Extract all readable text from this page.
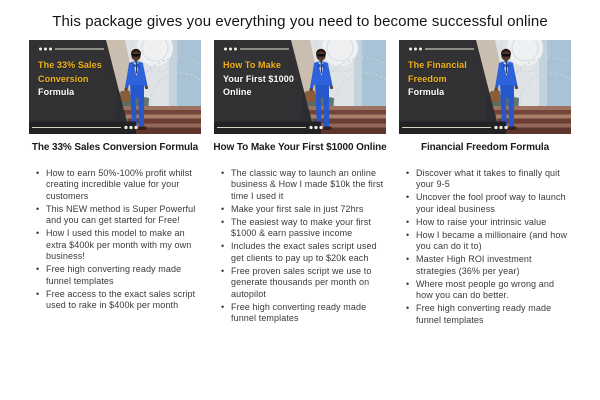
This package gives you everything you need to become successful online
The 33% Sales
Conversion
Formula
The 33% Sales Conversion Formula
• How to earn 50%-100% profit whilst creating incredible value for your customers
• This NEW method is Super Powerful and you can get started for Free!
• How I used this model to make an extra $400k per month with my own business!
• Free high converting ready made funnel templates
• Free access to the exact sales script used to rake in $400k per month
How To Make
Your First $1000
Online
How To Make Your First $1000 Online
• The classic way to launch an online business & How I made $10k the first time I used it
• Make your first sale in just 72hrs
• The easiest way to make your first $1000 & earn passive income
• Includes the exact sales script used get clients to pay up to $20k each
• Free proven sales script we use to generate thousands per month on autopilot
• Free high converting ready made funnel templates
The Financial
Freedom
Formula
Financial Freedom Formula
• Discover what it takes to finally quit your 9-5
• Uncover the fool proof way to launch your ideal business
• How to raise your intrinsic value
• How I became a millionaire (and how you can do it to)
• Master High ROI investment strategies (36% per year)
• Where most people go wrong and how you can do better.
• Free high converting ready made funnel templates
